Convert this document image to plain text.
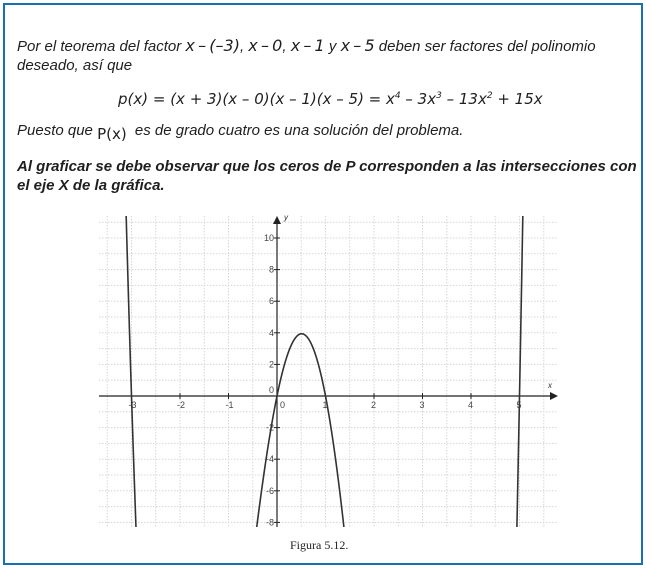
Por el teorema del factor x – (–3), x – 0, x – 1 y x – 5 deben ser factores del polinomio deseado, así que
$p(x) = (x + 3)(x - 0)(x - 1)(x - 5) = x^4 - 3x^3 - 13x^2 + 15x$
Puesto que P(x) es de grado cuatro es una solución del problema.
Al graficar se debe observar que los ceros de P corresponden a las intersecciones con el eje X de la gráfica.
x
y
-3	-2	-1	0	1	2	3	4	5
-8
-6
-4
-2
0
2
4
6
8
10
Figura 5.12.
